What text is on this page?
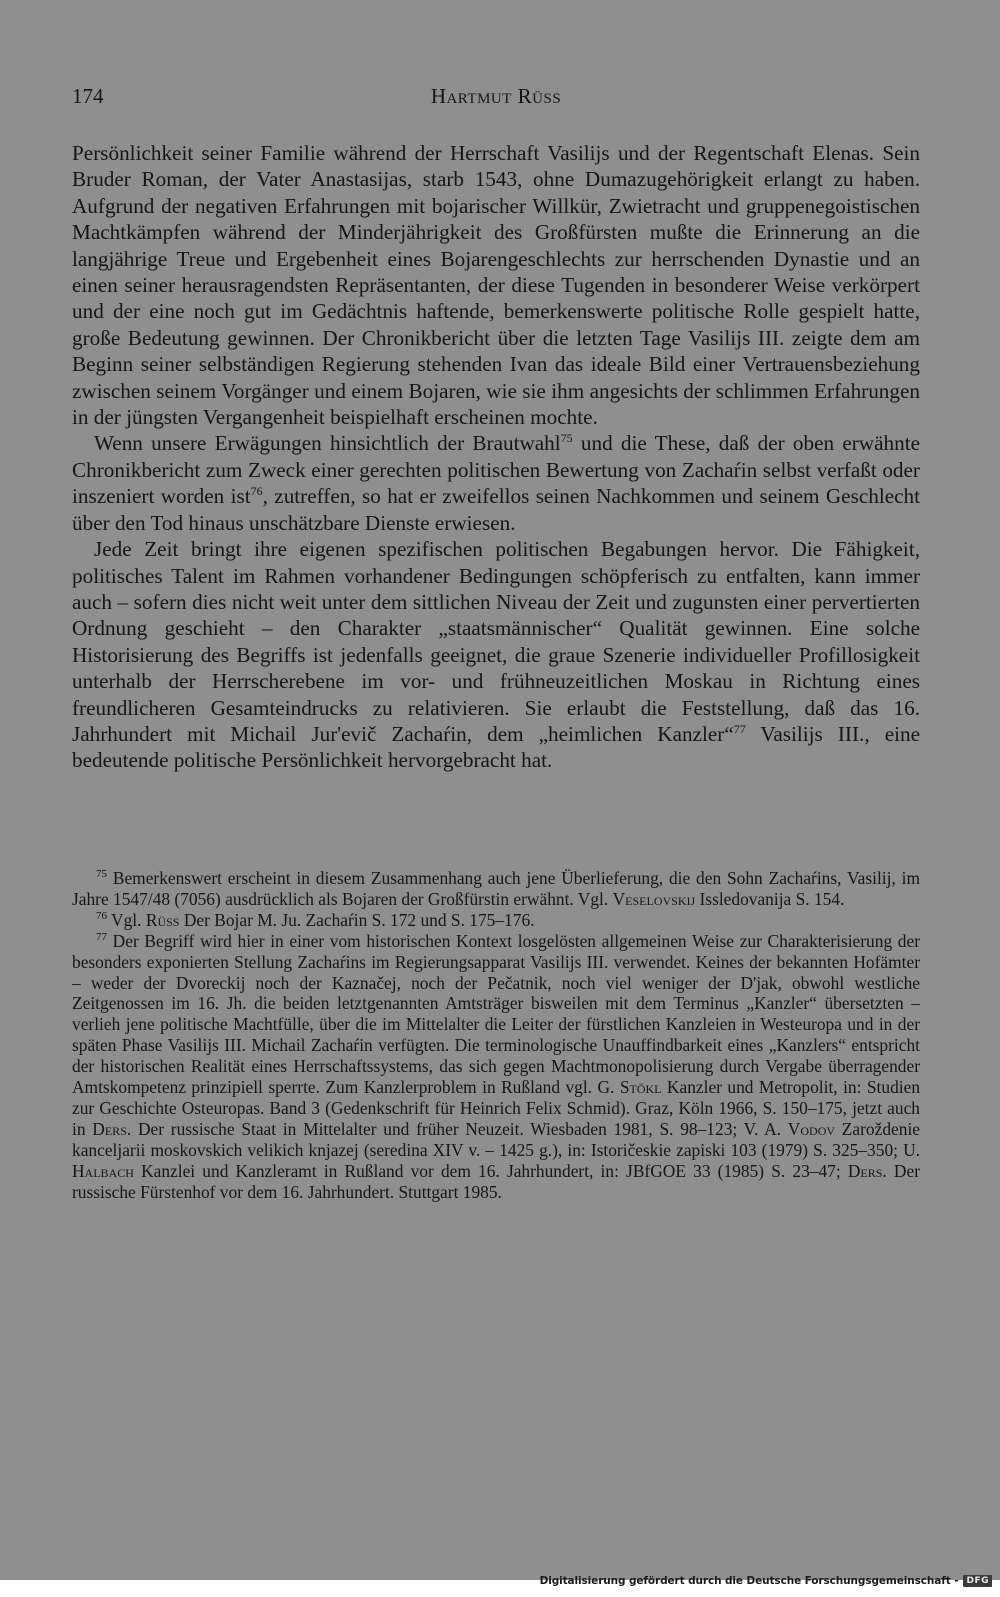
174	Hartmut Rüss

Persönlichkeit seiner Familie während der Herrschaft Vasilijs und der Regentschaft Elenas. Sein Bruder Roman, der Vater Anastasijas, starb 1543, ohne Dumazugehörigkeit erlangt zu haben. Aufgrund der negativen Erfahrungen mit bojarischer Willkür, Zwietracht und gruppenegoistischen Machtkämpfen während der Minderjährigkeit des Großfürsten mußte die Erinnerung an die langjährige Treue und Ergebenheit eines Bojarengeschlechts zur herrschenden Dynastie und an einen seiner herausragendsten Repräsentanten, der diese Tugenden in besonderer Weise verkörpert und der eine noch gut im Gedächtnis haftende, bemerkenswerte politische Rolle gespielt hatte, große Bedeutung gewinnen. Der Chronikbericht über die letzten Tage Vasilijs III. zeigte dem am Beginn seiner selbständigen Regierung stehenden Ivan das ideale Bild einer Vertrauensbeziehung zwischen seinem Vorgänger und einem Bojaren, wie sie ihm angesichts der schlimmen Erfahrungen in der jüngsten Vergangenheit beispielhaft erscheinen mochte.

Wenn unsere Erwägungen hinsichtlich der Brautwahl$^{75}$ und die These, daß der oben erwähnte Chronikbericht zum Zweck einer gerechten politischen Bewertung von Zachaŕin selbst verfaßt oder inszeniert worden ist$^{76}$, zutreffen, so hat er zweifellos seinen Nachkommen und seinem Geschlecht über den Tod hinaus unschätzbare Dienste erwiesen.

Jede Zeit bringt ihre eigenen spezifischen politischen Begabungen hervor. Die Fähigkeit, politisches Talent im Rahmen vorhandener Bedingungen schöpferisch zu entfalten, kann immer auch – sofern dies nicht weit unter dem sittlichen Niveau der Zeit und zugunsten einer pervertierten Ordnung geschieht – den Charakter „staatsmännischer“ Qualität gewinnen. Eine solche Historisierung des Begriffs ist jedenfalls geeignet, die graue Szenerie individueller Profillosigkeit unterhalb der Herrscherebene im vor- und frühneuzeitlichen Moskau in Richtung eines freundlicheren Gesamteindrucks zu relativieren. Sie erlaubt die Feststellung, daß das 16. Jahrhundert mit Michail Jur'evič Zachaŕin, dem „heimlichen Kanzler“$^{77}$ Vasilijs III., eine bedeutende politische Persönlichkeit hervorgebracht hat.

$^{75}$ Bemerkenswert erscheint in diesem Zusammenhang auch jene Überlieferung, die den Sohn Zachaŕins, Vasilij, im Jahre 1547/48 (7056) ausdrücklich als Bojaren der Großfürstin erwähnt. Vgl. Veselovskij Issledovanija S. 154.

$^{76}$ Vgl. Rüss Der Bojar M. Ju. Zachaŕin S. 172 und S. 175–176.

$^{77}$ Der Begriff wird hier in einer vom historischen Kontext losgelösten allgemeinen Weise zur Charakterisierung der besonders exponierten Stellung Zachaŕins im Regierungsapparat Vasilijs III. verwendet. Keines der bekannten Hofämter – weder der Dvoreckij noch der Kaznačej, noch der Pečatnik, noch viel weniger der D'jak, obwohl westliche Zeitgenossen im 16. Jh. die beiden letztgenannten Amtsträger bisweilen mit dem Terminus „Kanzler“ übersetzten – verlieh jene politische Machtfülle, über die im Mittelalter die Leiter der fürstlichen Kanzleien in Westeuropa und in der späten Phase Vasilijs III. Michail Zachaŕin verfügten. Die terminologische Unauffindbarkeit eines „Kanzlers“ entspricht der historischen Realität eines Herrschaftssystems, das sich gegen Machtmonopolisierung durch Vergabe überragender Amtskompetenz prinzipiell sperrte. Zum Kanzlerproblem in Rußland vgl. G. Stökl Kanzler und Metropolit, in: Studien zur Geschichte Osteuropas. Band 3 (Gedenkschrift für Heinrich Felix Schmid). Graz, Köln 1966, S. 150–175, jetzt auch in Ders. Der russische Staat in Mittelalter und früher Neuzeit. Wiesbaden 1981, S. 98–123; V. A. Vodov Zaroždenie kanceljarii moskovskich velikich knjazej (seredina XIV v. – 1425 g.), in: Istoričeskie zapiski 103 (1979) S. 325–350; U. Halbach Kanzlei und Kanzleramt in Rußland vor dem 16. Jahrhundert, in: JBfGOE 33 (1985) S. 23–47; Ders. Der russische Fürstenhof vor dem 16. Jahrhundert. Stuttgart 1985.

Digitalisierung gefördert durch die Deutsche Forschungsgemeinschaft - DFG
